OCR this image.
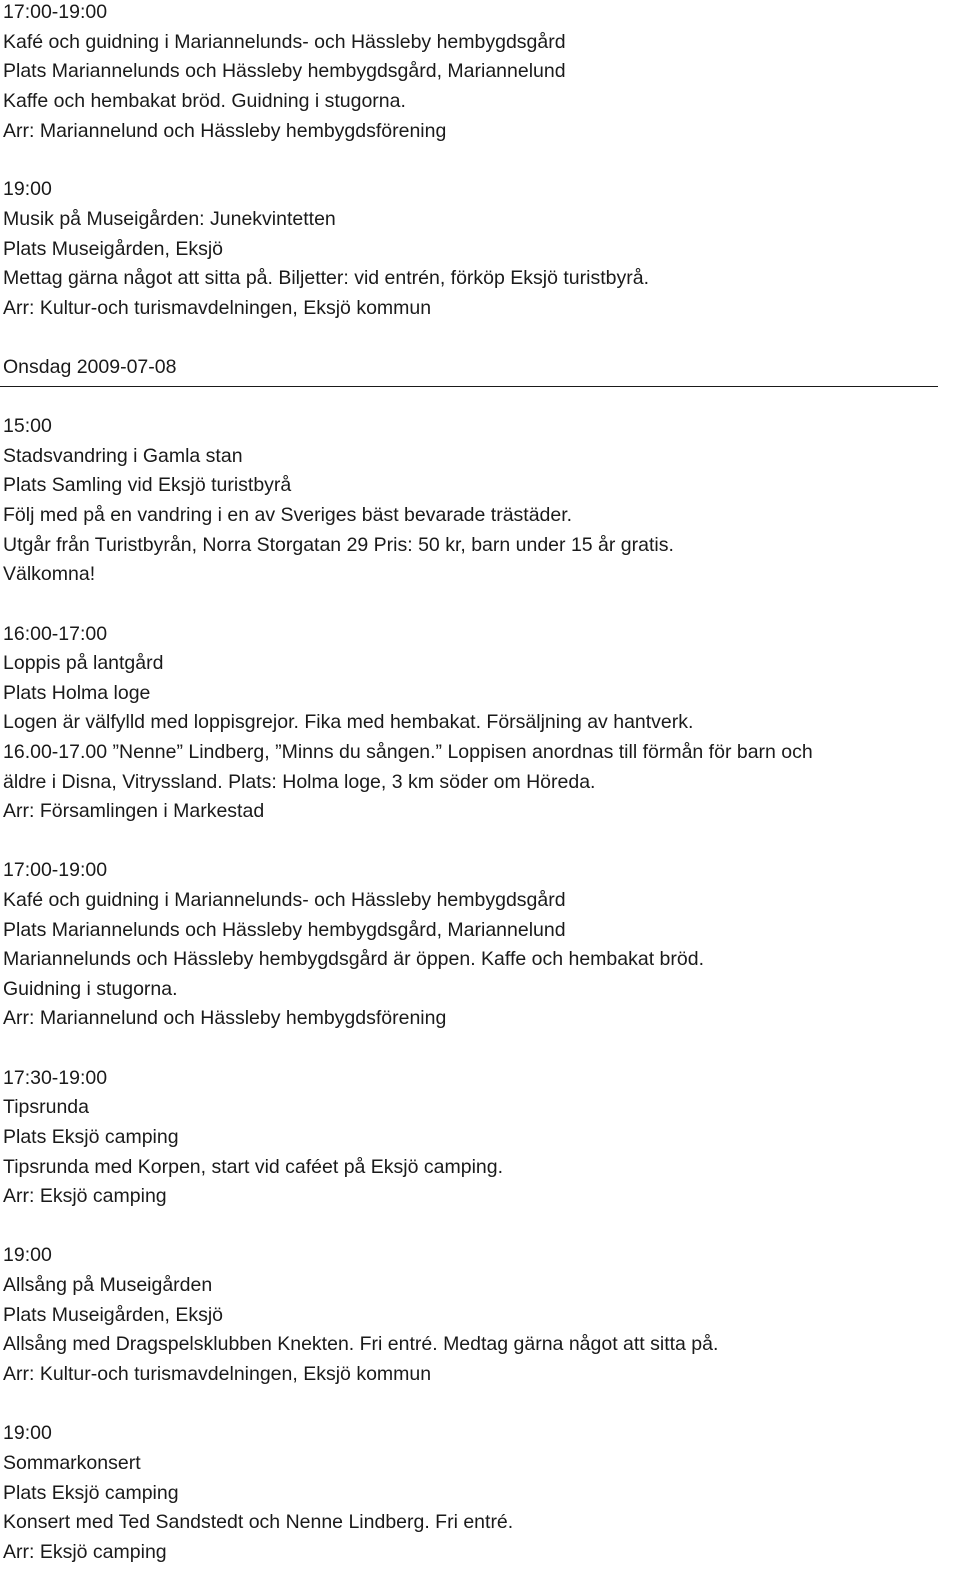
17:00-19:00
Kafé och guidning i Mariannelunds- och Hässleby hembygdsgård
Plats Mariannelunds och Hässleby hembygdsgård, Mariannelund
Kaffe och hembakat bröd. Guidning i stugorna.
Arr: Mariannelund och Hässleby hembygdsförening
19:00
Musik på Museigården: Junekvintetten
Plats Museigården, Eksjö
Mettag gärna något att sitta på. Biljetter: vid entrén, förköp Eksjö turistbyrå.
Arr: Kultur-och turismavdelningen, Eksjö kommun
Onsdag 2009-07-08
15:00
Stadsvandring i Gamla stan
Plats Samling vid Eksjö turistbyrå
Följ med på en vandring i en av Sveriges bäst bevarade trästäder.
Utgår från Turistbyrån, Norra Storgatan 29 Pris: 50 kr, barn under 15 år gratis.
Välkomna!
16:00-17:00
Loppis på lantgård
Plats Holma loge
Logen är välfylld med loppisgrejor. Fika med hembakat. Försäljning av hantverk.
16.00-17.00 ”Nenne” Lindberg, ”Minns du sången.” Loppisen anordnas till förmån för barn och
äldre i Disna, Vitryssland. Plats: Holma loge, 3 km söder om Höreda.
Arr: Församlingen i Markestad
17:00-19:00
Kafé och guidning i Mariannelunds- och Hässleby hembygdsgård
Plats Mariannelunds och Hässleby hembygdsgård, Mariannelund
Mariannelunds och Hässleby hembygdsgård är öppen. Kaffe och hembakat bröd.
Guidning i stugorna.
Arr: Mariannelund och Hässleby hembygdsförening
17:30-19:00
Tipsrunda
Plats Eksjö camping
Tipsrunda med Korpen, start vid caféet på Eksjö camping.
Arr: Eksjö camping
19:00
Allsång på Museigården
Plats Museigården, Eksjö
Allsång med Dragspelsklubben Knekten. Fri entré. Medtag gärna något att sitta på.
Arr: Kultur-och turismavdelningen, Eksjö kommun
19:00
Sommarkonsert
Plats Eksjö camping
Konsert med Ted Sandstedt och Nenne Lindberg. Fri entré.
Arr: Eksjö camping
